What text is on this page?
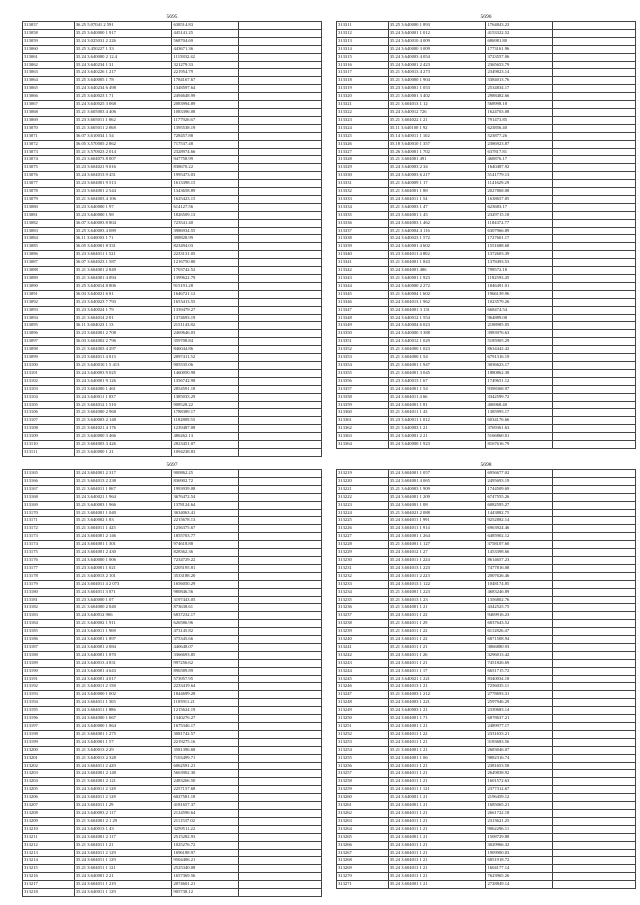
5695
313057	36.25 5.07041 2 591	638514.83	
313058	35.25 3.640000 1 917	445141.25	
313059	35.24 3.025031 2 226	568704.69	
313060	35.25 3.450227 1 33	443671.36	
313061	35.24 3.640000 2 12.4	1115832.42	
313062	35.24 3.640234 1 31	321279.33	
313063	35.24 3.640226 1 217	221954.79	
313064	35.25 3.640005 1 78	1784167.67	
313065	35.24 3.640234 6 498	1348597.64	
313066	35.25 3.640023 1 71	2494648.99	
313067	35.24 3.640025 3 068	2083994.89	
313068	35.21 3.605003 4 406	1083396.08	
313069	35.23 3.605011 1 062	1177926.67	
313070	35.21 3.605011 2 068	1395538.19	
313071	36.07 3.610034 1 54	728457.88	
313072	36.05 3.570005 2 862	717537.48	
313073	35.21 3.570023 2 014	2328974.66	
313074	35.23 3.604073 8 007	947758.99	
313075	35.23 3.604021 9 016	838670.22	
313076	35.24 3.604013 9 451	1995473.03	
313077	35.23 3.604001 9 513	1613398.15	
313078	35.23 3.604001 2 544	1343658.89	
313079	35.21 3.604003 4 106	1625423.15	
313080	35.23 3.640000 1 97	614127.56	
313081	35.23 3.640000 1 98	1826509.13	
313082	36.07 3.640003 8 804	723541.40	
313083	35.25 3.640003 4 089	3986934.55	
313084	36.11 3.640003 1 71	398828.99	
313085	36.05 3.640001 8 331	823494.03	
313086	35.23 3.604011 1 521	2233131.05	
313087	36.07 3.604023 1 587	1216750.80	
313088	35.21 3.604001 2 849	1703742.52	
313089	35.21 3.604001 4 094	1399622.79	
313090	35.25 3.640014 8 806	915191.28	
313091	36.03 3.640021 6 81	1646721.12	
313092	35.23 3.640023 7 793	1653413.55	
313093	35.23 3.640024 1 79	1339479.27	
313094	35.21 3.604014 2 01	1374693.19	
313095	36.11 3.604023 1 13	2151143.82	
313096	35.23 3.604001 2 708	2469646.03	
313097	36.03 3.604002 2 796	359708.84	
313098	35.21 3.604003 4 297	846044.86	
313099	35.23 3.604011 4 013	2097411.52	
313100	35.21 3.640010 1 5 413	905535.06	
313101	35.24 3.640003 9 025	1460050.98	
313102	35.24 3.640001 9 126	1356742.98	
313103	35.23 3.604000 1 461	2854591.18	
313104	35.24 3.640011 1 837	1385033.29	
313105	35.21 3.604012 1 510	908528.22	
313106	35.21 3.604000 2 968	1788389.17	
313107	35.21 3.640003 2 148	1182809.55	
313108	35.21 3.604021 4 176	1239487.08	
313109	35.21 3.640000 3 466	486262.13	
313110	35.21 3.604003 3 426	2823451.07	
313111	35.21 3.640000 1 21	1094238.83	
5696
313311	35.25 3.640000 1 893	1764843.23	
313312	35.24 3.640001 1 012	4153322.52	
313313	35.24 3.640010 4 009	686981.80	
313314	35.24 3.640000 3 009	1773161.96	
313315	35.24 3.640003 4 054	3723557.06	
313316	35.24 3.640001 2 423	2365653.79	
313317	35.21 3.640013 4 273	2349823.14	
313318	35.21 3.640000 1 904	3384013.76	
313319	35.23 3.640001 1 053	2534834.17	
313320	35.21 3.640001 3 402	2988482.66	
313321	35.21 3.604013 1 12	568998.18	
313322	35.24 3.640012 726	1624703.08	
313323	35.21 3.604022 1 21	791473.85	
313324	35.11 3.640100 1 92	623856.40	
313325	35.14 3.640011 1 102	523877.26	
313326	35.18 3.640010 1 357	2386923.87	
313327	35.26 3.640001 1 702	637817.81	
313328	35.21 3.604001 491	468876.17	
313329	35.24 3.640003 2 34	1640487.92	
313330	35.24 3.640003 6 217	5141779.13	
313331	35.21 3.640009 1 17	1141629.29	
313332	35.21 3.604001 1 88	2027868.08	
313333	35.24 3.604011 1 54	1638657.85	
313334	35.21 3.640003 1 47	623683.17	
313335	35.23 3.604001 1 45	2329715.18	
313336	35.24 3.604003 1 462	1184372.77	
313337	35.21 3.640004 4 116	6307966.89	
313338	35.24 3.640023 1 572	1727601.17	
313339	35.24 3.640001 4 602	1551688.68	
313340	35.23 3.604011 4 802	1372603.39	
313341	35.21 3.604001 1 843	1378493.53	
313342	35.24 3.604001 486	798572.18	
313343	35.21 3.640001 1 923	1182593.45	
313344	35.24 3.640000 2 272	1846491.01	
313345	35.21 3.640004 1 602	1966139.96	
313346	35.24 3.604013 1 962	1023579.26	
313347	35.24 3.604001 3 131	668474.54	
313348	35.24 3.640012 1 554	964889.08	
313349	35.24 3.640004 6 023	2188985.05	
313350	35.24 3.640000 3 388	3983976.63	
313351	35.24 3.640012 1 029	5185905.29	
313352	35.21 3.604000 1 023	8634442.42	
313353	35.21 3.604000 1 54	6791316.19	
313354	35.21 3.604001 1 947	3036623.17	
313355	35.21 3.604001 3 045	1880862.38	
313356	35.23 3.640013 1 67	1749651.12	
313357	35.24 3.604001 1 54	9398368.97	
313358	35.24 3.604011 4 66	3342599.72	
313359	35.24 3.604001 1 81	406968.40	
313360	35.21 3.604011 1 43	1385995.17	
313361	35.23 3.640011 1 012	6034176.66	
313362	35.21 3.640003 1 21	3769361.63	
313363	35.24 3.640001 2 21	5166860.01	
313364	35.24 3.640000 1 923	8167616.79	
5697
313165	35.24 3.604001 2 317	900862.25	
313166	35.21 3.604013 2 238	836902.72	
313167	35.21 3.604011 1 067	1993939.08	
313168	35.24 3.640021 1 964	3676472.54	
313169	35.21 3.640003 1 966	1378124.64	
313170	35.21 3.604001 1 040	3634063.41	
313171	35.21 3.640002 1 83	2215678.13	
313172	35.21 3.604011 1 425	1256375.67	
313173	35.24 3.604001 2 146	1855703.77	
313174	35.24 3.604001 1 301	974618.88	
313175	35.24 3.604001 2 430	828362.36	
313176	35.24 3.640000 1 006	7234729.22	
313177	35.23 3.640001 1 021	2205195.81	
313178	35.21 3.640013 2 101	3533188.20	
313179	35.24 3.604011 4 2 073	1656050.29	
313180	35.24 3.604011 3 071	980846.56	
313181	35.23 3.640000 1 07	3197443.05	
313182	35.21 3.604000 2 040	873638.61	
313183	35.24 3.640012 906	6837232.17	
313184	35.21 3.640002 1 911	626586.96	
313185	35.24 3.640011 1 908	473145.82	
313186	35.24 3.640001 1 897	375345.66	
313187	35.24 3.640001 2 084	440648.07	
313188	35.24 3.640001 1 870	3366693.85	
313189	35.24 3.640013 4 831	997256.62	
313190	35.24 3.640001 4 643	896589.89	
313191	35.24 3.640001 4 017	573957.95	
313192	35.21 3.640011 2 158	2233419.64	
313193	35.24 3.640000 1 002	1844699.28	
313194	35.24 3.604011 1 305	1105911.21	
313195	35.24 3.604011 1 886	1215624.19	
313196	35.24 3.604000 1 667	1340276.27	
313197	35.24 3.640000 1 864	1675346.17	
313198	35.21 3.604001 1 275	3081742.57	
313199	35.24 3.640001 1 57	2219275.16	
313200	35.21 3.640013 2 29	3581396.68	
313201	35.21 3.640013 2 328	7103499.71	
313202	35.24 3.604011 2 429	6062591.21	
313203	35.24 3.604001 2 148	5663902.30	
313204	35.21 3.604001 2 121	2483266.50	
313205	35.24 3.640011 2 128	2257157.68	
313206	35.24 3.604011 2 128	6027581.18	
313207	35.24 3.604011 1 29	4181657.37	
313208	35.24 3.640003 2 117	2124596.64	
313209	35.21 3.604001 2 1 29	2111537.02	
313210	35.24 3.640013 1 43	3259511.22	
313211	35.24 3.604001 2 117	2515282.93	
313212	35.21 3.604011 1 21	1025276.72	
313213	35.24 3.604011 2 129	1696188.97	
313214	35.24 3.604011 1 129	9504406.21	
313215	35.21 3.604011 1 121	2525340.08	
313216	35.24 3.640001 2 21	1657369.56	
313217	35.24 3.604011 1 219	2074601.21	
313218	35.24 3.640011 1 129	905738.12	
5698
313219	35.24 3.604001 1 057	6956677.02	
313220	35.24 3.604001 4 065	2495693.19	
313221	35.21 3.640003 1 909	1744509.69	
313222	35.24 3.604001 1 209	6747555.26	
313223	35.24 3.604001 1 08	6082595.27	
313224	35.21 3.604021 2 088	1443882.75	
313225	35.24 3.604011 1 991	9252882.14	
313226	35.24 3.604011 1 914	6963924.46	
313227	35.24 3.604001 1 264	6485902.12	
313228	35.21 3.604001 1 127	3758107.60	
313229	35.24 3.604012 1 27	1453398.66	
313230	35.24 3.604011 1 224	8614657.23	
313231	35.24 3.604013 1 223	7477816.08	
313232	35.24 3.604011 2 223	2007626.46	
313233	35.24 3.604013 1 122	1048174.85	
313234	35.21 3.604001 1 223	4683246.89	
313235	35.21 3.604013 1 23	1356802.76	
313236	35.21 3.604001 1 21	4342525.75	
313237	35.24 3.604011 1 22	9469916.23	
313238	35.21 3.604011 1 29	6837643.52	
313239	35.21 3.604011 1 22	6112826.47	
313240	35.24 3.604011 1 22	6871508.94	
313241	35.21 3.604011 1 21	3866880.93	
313242	35.24 3.604011 1 26	3296013.42	
313243	35.24 3.604011 1 21	7451826.69	
313244	35.24 3.604011 1 17	6651715.72	
313245	35.24 3.640021 1 221	8340034.18	
313246	35.24 3.604013 1 21	7256035.11	
313247	35.21 3.604003 1 212	2778693.31	
313248	35.24 3.604003 1 221	2597946.29	
313249	35.24 3.640003 1 21	2339683.14	
313250	35.24 3.604001 1 71	6878637.21	
313251	35.24 3.604001 1 21	2489977.17	
313252	35.24 3.604011 1 22	2331633.21	
313253	35.24 3.604011 1 21	3183683.56	
313254	35.21 3.604001 1 21	2683046.07	
313255	35.24 3.604001 1 06	9882316.74	
313256	35.24 3.604011 1 21	2381653.58	
313257	35.24 3.604011 1 21	2649838.92	
313258	35.24 3.604011 1 21	1601572.63	
313259	35.24 3.604011 1 121	2377312.67	
313260	35.24 3.640001 1 21	2196459.12	
313261	35.24 3.604001 1 21	1685065.21	
313262	35.24 3.604011 1 21	2661722.18	
313263	35.24 3.604011 1 21	2313621.25	
313264	35.24 3.604011 1 21	9062296.11	
313265	35.24 3.604001 1 21	1508729.88	
313266	35.24 3.604011 1 21	3029966.32	
313267	35.24 3.604011 1 21	1909900.03	
313268	35.24 3.604011 1 21	6851918.72	
313269	35.24 3.604011 1 21	1604177.14	
313270	35.24 3.604011 1 21	7623965.26	
313271	35.24 3.604001 1 21	2728849.14	
